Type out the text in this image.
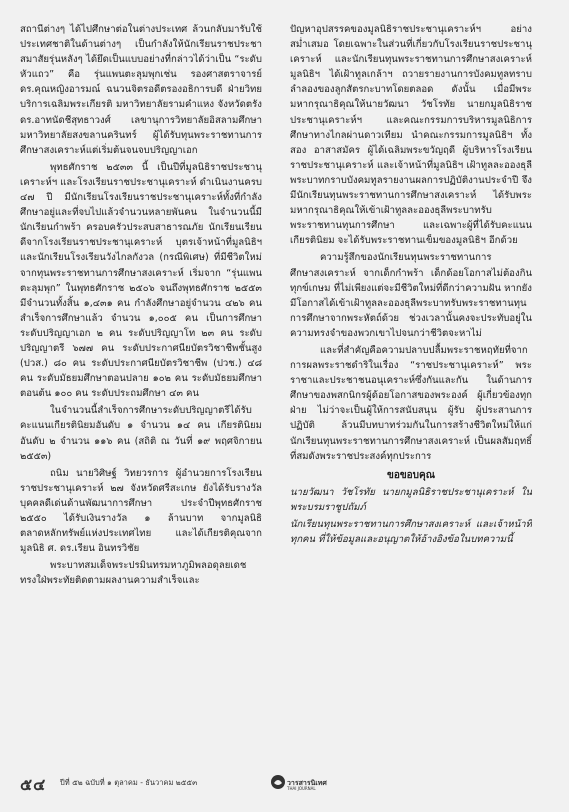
สถานีต่างๆ ได้ไปศึกษาต่อในต่างประเทศ ล้วนกลับมารับใช้ประเทศชาติในด้านต่างๆ เป็นกำลังให้นักเรียนราชประชาสมาสัยรุ่นหลังๆ ได้ยึดเป็นแบบอย่างที่กล่าวได้ว่าเป็น “ระดับหัวแถว” คือ รุ่นแพนตะลุมพุกเช่น รองศาสตราจารย์ ดร.คุณหญิงอารมณ์ ฉนวนจิตรอดีตรองอธิการบดี ฝ่ายวิทยบริการเฉลิมพระเกียรติ มหาวิทยาลัยรามคำแหง จังหวัดตรัง ดร.อาทนัดชีสุทธาวงศ์ เลขานุการวิทยาลัยอิสลามศึกษา มหาวิทยาลัยสงขลานครินทร์ ผู้ได้รับทุนพระราชทานการศึกษาสงเคราะห์แต่เริ่มต้นจนจบปริญญาเอก

พุทธศักราช ๒๕๓๓ นี้ เป็นปีที่มูลนิธิราชประชานุเคราะห์ฯ และโรงเรียนราชประชานุเคราะห์ ดำเนินงานครบ ๔๗ ปี มีนักเรียนโรงเรียนราชประชานุเคราะห์ทั้งที่กำลังศึกษาอยู่และที่จบไปแล้วจำนวนหลายพันคน ในจำนวนนี้มีนักเรียนกำพร้า ครอบครัวประสบสาธารณภัย นักเรียนเรียนดีจากโรงเรียนราชประชานุเคราะห์ บุตรเจ้าหน้าที่มูลนิธิฯ และนักเรียนโรงเรียนวังไกลกังวล (กรณีพิเศษ) ที่มีชีวิตใหม่จากทุนพระราชทานการศึกษาสงเคราะห์ เริ่มจาก “รุ่นแพนตะลุมพุก” ในพุทธศักราช ๒๕๐๖ จนถึงพุทธศักราช ๒๕๕๓ มีจำนวนทั้งสิ้น ๑,๔๓๑ คน กำลังศึกษาอยู่จำนวน ๔๒๖ คน สำเร็จการศึกษาแล้ว จำนวน ๑,๐๐๕ คน เป็นการศึกษาระดับปริญญาเอก ๒ คน ระดับปริญญาโท ๒๓ คน ระดับปริญญาตรี ๖๗๗ คน ระดับประกาศนียบัตรวิชาชีพชั้นสูง (ปวส.) ๘๐ คน ระดับประกาศนียบัตรวิชาชีพ (ปวช.) ๔๘ คน ระดับมัธยมศึกษาตอนปลาย ๑๐๒ คน ระดับมัธยมศึกษาตอนต้น ๑๐๐ คน ระดับประถมศึกษา ๔๓ คน

ในจำนวนนี้สำเร็จการศึกษาระดับปริญญาตรีได้รับคะแนนเกียรตินิยมอันดับ ๑ จำนวน ๑๔ คน เกียรตินิยมอันดับ ๒ จำนวน ๑๑๖ คน (สถิติ ณ วันที่ ๑๙ พฤศจิกายน ๒๕๕๓)

ถนิม นายวิศิษฐ์ วิทยวรการ ผู้อำนวยการโรงเรียนราชประชานุเคราะห์ ๒๗ จังหวัดศรีสะเกษ ยังได้รับรางวัลบุคคลดีเด่นด้านพัฒนาการศึกษา ประจำปีพุทธศักราช ๒๕๕๐ ได้รับเงินรางวัล ๑ ล้านบาท จากมูลนิธิตลาดหลักทรัพย์แห่งประเทศไทย และได้เกียรติคุณจากมูลนิธิ ศ. ดร.เรียน อินทรวิชัย

พระบาทสมเด็จพระปรมินทรมหาภูมิพลอดุลยเดช ทรงใฝ่พระทัยติดตามผลงานความสำเร็จและ

ปัญหาอุปสรรคของมูลนิธิราชประชานุเคราะห์ฯ อย่างสม่ำเสมอ โดยเฉพาะในส่วนที่เกี่ยวกับโรงเรียนราชประชานุเคราะห์ และนักเรียนทุนพระราชทานการศึกษาสงเคราะห์ มูลนิธิฯ ได้เฝ้าทูลเกล้าฯ ถวายรายงานการบังคมทูลทราบลำลองของลูกสัตรกะบาทโดยตลอด ดังนั้น เมื่อมีพระมหากรุณาธิคุณให้นายวัฒนา วัชโรทัย นายกมูลนิธิราชประชานุเคราะห์ฯ และคณะกรรมการบริหารมูลนิธิการศึกษาทางไกลผ่านดาวเทียม นำคณะกรรมการมูลนิธิฯ ทั้งสอง อาสาสมัคร ผู้ได้เฉลิมพระขวัญฤดี ผู้บริหารโรงเรียนราชประชานุเคราะห์ และเจ้าหน้าที่มูลนิธิฯ เฝ้าทูลละอองธุลีพระบาทกราบบังคมทูลรายงานผลการปฏิบัติงานประจำปี จึงมีนักเรียนทุนพระราชทานการศึกษาสงเคราะห์ ได้รับพระมหากรุณาธิคุณให้เข้าเฝ้าทูลละอองธุลีพระบาทรับพระราชทานทุนการศึกษา และเฉพาะผู้ที่ได้รับคะแนนเกียรตินิยม จะได้รับพระราชทานเข็มของมูลนิธิฯ อีกด้วย

ความรู้สึกของนักเรียนทุนพระราชทานการศึกษาสงเคราะห์ จากเด็กกำพร้า เด็กด้อยโอกาสไม่ต้องกินทุกข์เกษม ที่ไม่เพียงแต่จะมีชีวิตใหม่ที่ดีกว่าความฝัน หากยังมีโอกาสได้เข้าเฝ้าทูลละอองธุลีพระบาทรับพระราชทานทุนการศึกษาจากพระหัตถ์ด้วย ช่วงเวลานั้นคงจะประทับอยู่ในความทรงจำของพวกเขาไปจนกว่าชีวิตจะหาไม่

และที่สำคัญคือความปลาบปลื้มพระราชหฤทัยที่จากการผลพระราชดำริในเรื่อง “ราชประชานุเคราะห์” พระราชาและประชาชนอนุเคราะห์ซึ่งกันและกัน ในด้านการศึกษาของพสกนิกรผู้ด้อยโอกาสของพระองค์ ผู้เกี่ยวข้องทุกฝ่าย ไม่ว่าจะเป็นผู้ให้การสนับสนุน ผู้รับ ผู้ประสานการปฏิบัติ ล้วนมีบทบาทร่วมกันในการสร้างชีวิตใหม่ให้แก่นักเรียนทุนพระราชทานการศึกษาสงเคราะห์ เป็นผลสัมฤทธิ์ที่สมดังพระราชประสงค์ทุกประการ

ขอขอบคุณ

นายวัฒนา วัชโรทัย นายกมูลนิธิราชประชานุเคราะห์ ในพระบรมราชูปถัมภ์

นักเรียนทุนพระราชทานการศึกษาสงเคราะห์ และเจ้าหน้าที่ทุกคน ที่ให้ข้อมูลและอนุญาตให้อ้างอิงข้อในบทความนี้

๕๔ ปีที่ ๕๒ ฉบับที่ ๑ ตุลาคม - ธันวาคม ๒๕๕๓	วารสารนิเทศ
THAI JOURNAL
